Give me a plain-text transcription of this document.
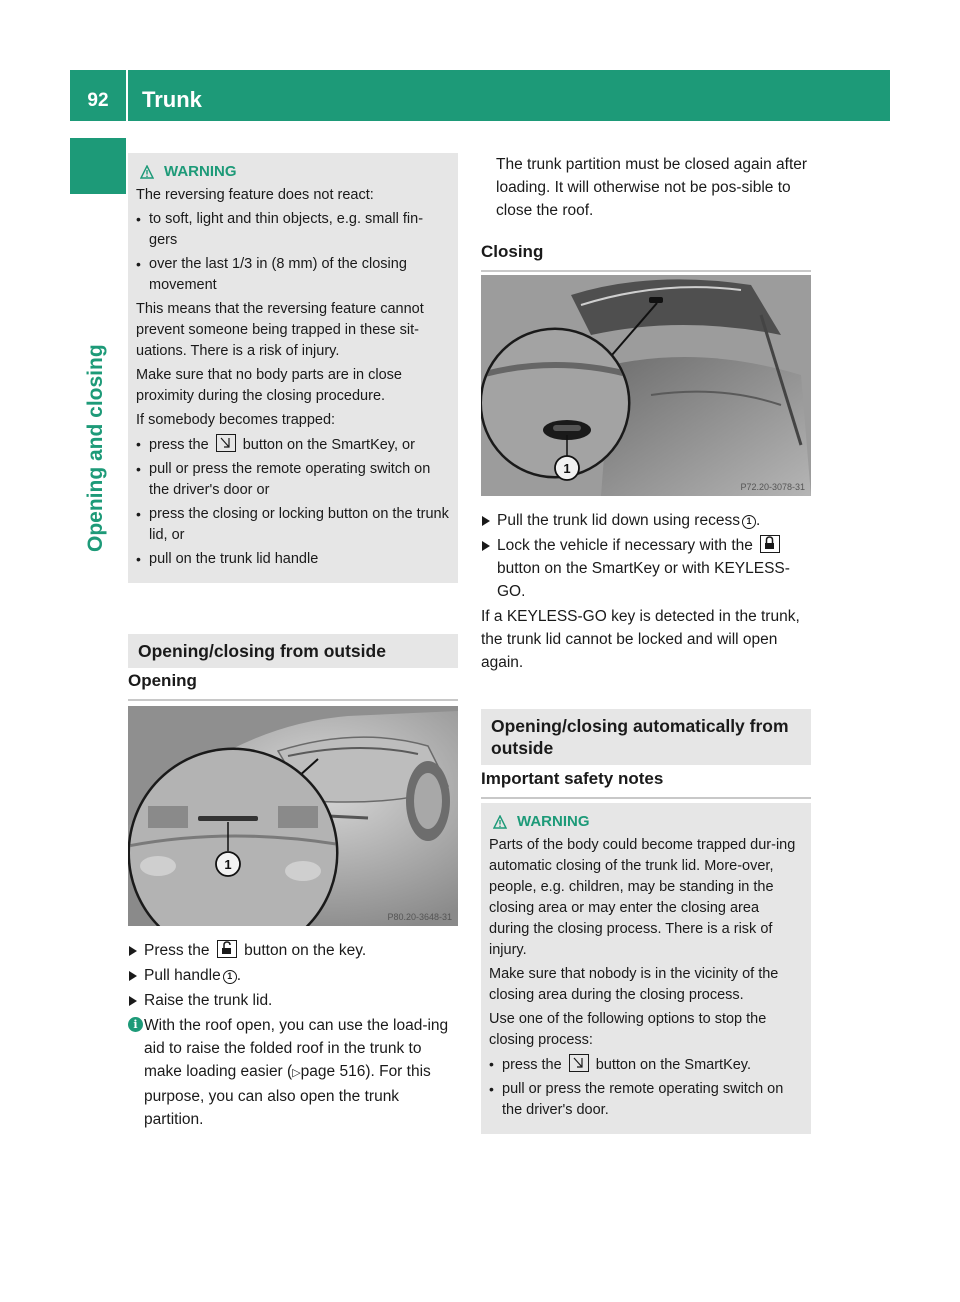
92	Trunk
Opening and closing
WARNING

The reversing feature does not react:

• to soft, light and thin objects, e.g. small fin-gers
• over the last 1/3 in (8 mm) of the closing movement

This means that the reversing feature cannot prevent someone being trapped in these sit-uations. There is a risk of injury.

Make sure that no body parts are in close proximity during the closing procedure.

If somebody becomes trapped:

• press the button on the SmartKey, or
• pull or press the remote operating switch on the driver's door or
• press the closing or locking button on the trunk lid, or
• pull on the trunk lid handle
Opening/closing from outside
Opening
1
P80.20-3648-31
Press the button on the key.
Pull handle 1 .
Raise the trunk lid.
i With the roof open, you can use the load-ing aid to raise the folded roof in the trunk to make loading easier (▷page 516). For this purpose, you can also open the trunk partition.
The trunk partition must be closed again after loading. It will otherwise not be pos-sible to close the roof.
Closing
1
P72.20-3078-31
Pull the trunk lid down using recess 1 .
Lock the vehicle if necessary with the
button on the SmartKey or with KEYLESS-GO.

If a KEYLESS-GO key is detected in the trunk, the trunk lid cannot be locked and will open again.

Opening/closing automatically from outside
Important safety notes
WARNING

Parts of the body could become trapped dur-ing automatic closing of the trunk lid. More-over, people, e.g. children, may be standing in the closing area or may enter the closing area during the closing process. There is a risk of injury.

Make sure that nobody is in the vicinity of the closing area during the closing process.

Use one of the following options to stop the closing process:

• press the button on the SmartKey.
• pull or press the remote operating switch on the driver's door.
